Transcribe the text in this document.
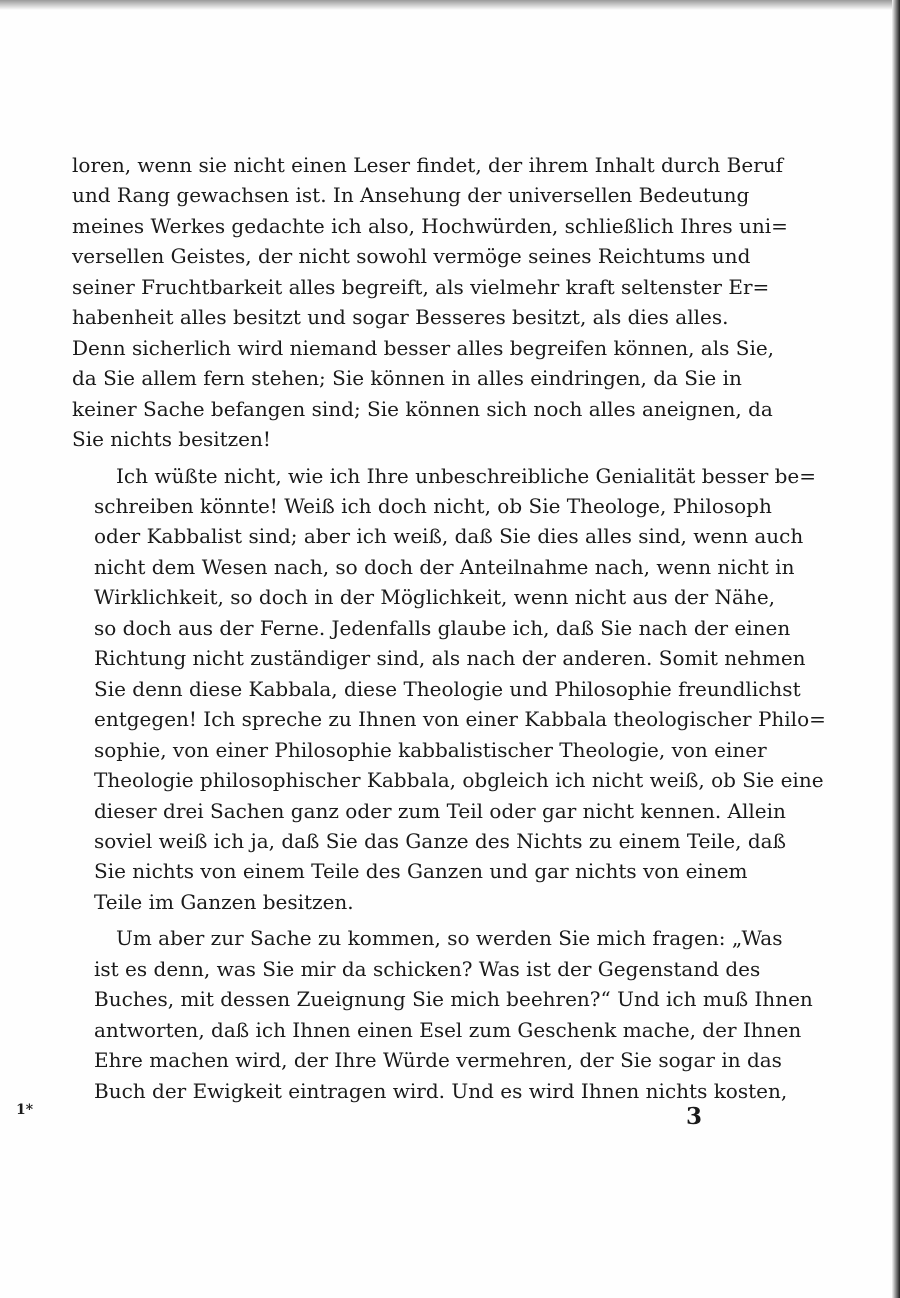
loren, wenn sie nicht einen Leser findet, der ihrem Inhalt durch Beruf
und Rang gewachsen ist. In Ansehung der universellen Bedeutung
meines Werkes gedachte ich also, Hochwürden, schließlich Ihres uni=
versellen Geistes, der nicht sowohl vermöge seines Reichtums und
seiner Fruchtbarkeit alles begreift, als vielmehr kraft seltenster Er=
habenheit alles besitzt und sogar Besseres besitzt, als dies alles.
Denn sicherlich wird niemand besser alles begreifen können, als Sie,
da Sie allem fern stehen; Sie können in alles eindringen, da Sie in
keiner Sache befangen sind; Sie können sich noch alles aneignen, da
Sie nichts besitzen!
Ich wüßte nicht, wie ich Ihre unbeschreibliche Genialität besser be=
schreiben könnte! Weiß ich doch nicht, ob Sie Theologe, Philosoph
oder Kabbalist sind; aber ich weiß, daß Sie dies alles sind, wenn auch
nicht dem Wesen nach, so doch der Anteilnahme nach, wenn nicht in
Wirklichkeit, so doch in der Möglichkeit, wenn nicht aus der Nähe,
so doch aus der Ferne. Jedenfalls glaube ich, daß Sie nach der einen
Richtung nicht zuständiger sind, als nach der anderen. Somit nehmen
Sie denn diese Kabbala, diese Theologie und Philosophie freundlichst
entgegen! Ich spreche zu Ihnen von einer Kabbala theologischer Philo=
sophie, von einer Philosophie kabbalistischer Theologie, von einer
Theologie philosophischer Kabbala, obgleich ich nicht weiß, ob Sie eine
dieser drei Sachen ganz oder zum Teil oder gar nicht kennen. Allein
soviel weiß ich ja, daß Sie das Ganze des Nichts zu einem Teile, daß
Sie nichts von einem Teile des Ganzen und gar nichts von einem
Teile im Ganzen besitzen.
Um aber zur Sache zu kommen, so werden Sie mich fragen: „Was
ist es denn, was Sie mir da schicken? Was ist der Gegenstand des
Buches, mit dessen Zueignung Sie mich beehren?“ Und ich muß Ihnen
antworten, daß ich Ihnen einen Esel zum Geschenk mache, der Ihnen
Ehre machen wird, der Ihre Würde vermehren, der Sie sogar in das
Buch der Ewigkeit eintragen wird. Und es wird Ihnen nichts kosten,
1*	3
